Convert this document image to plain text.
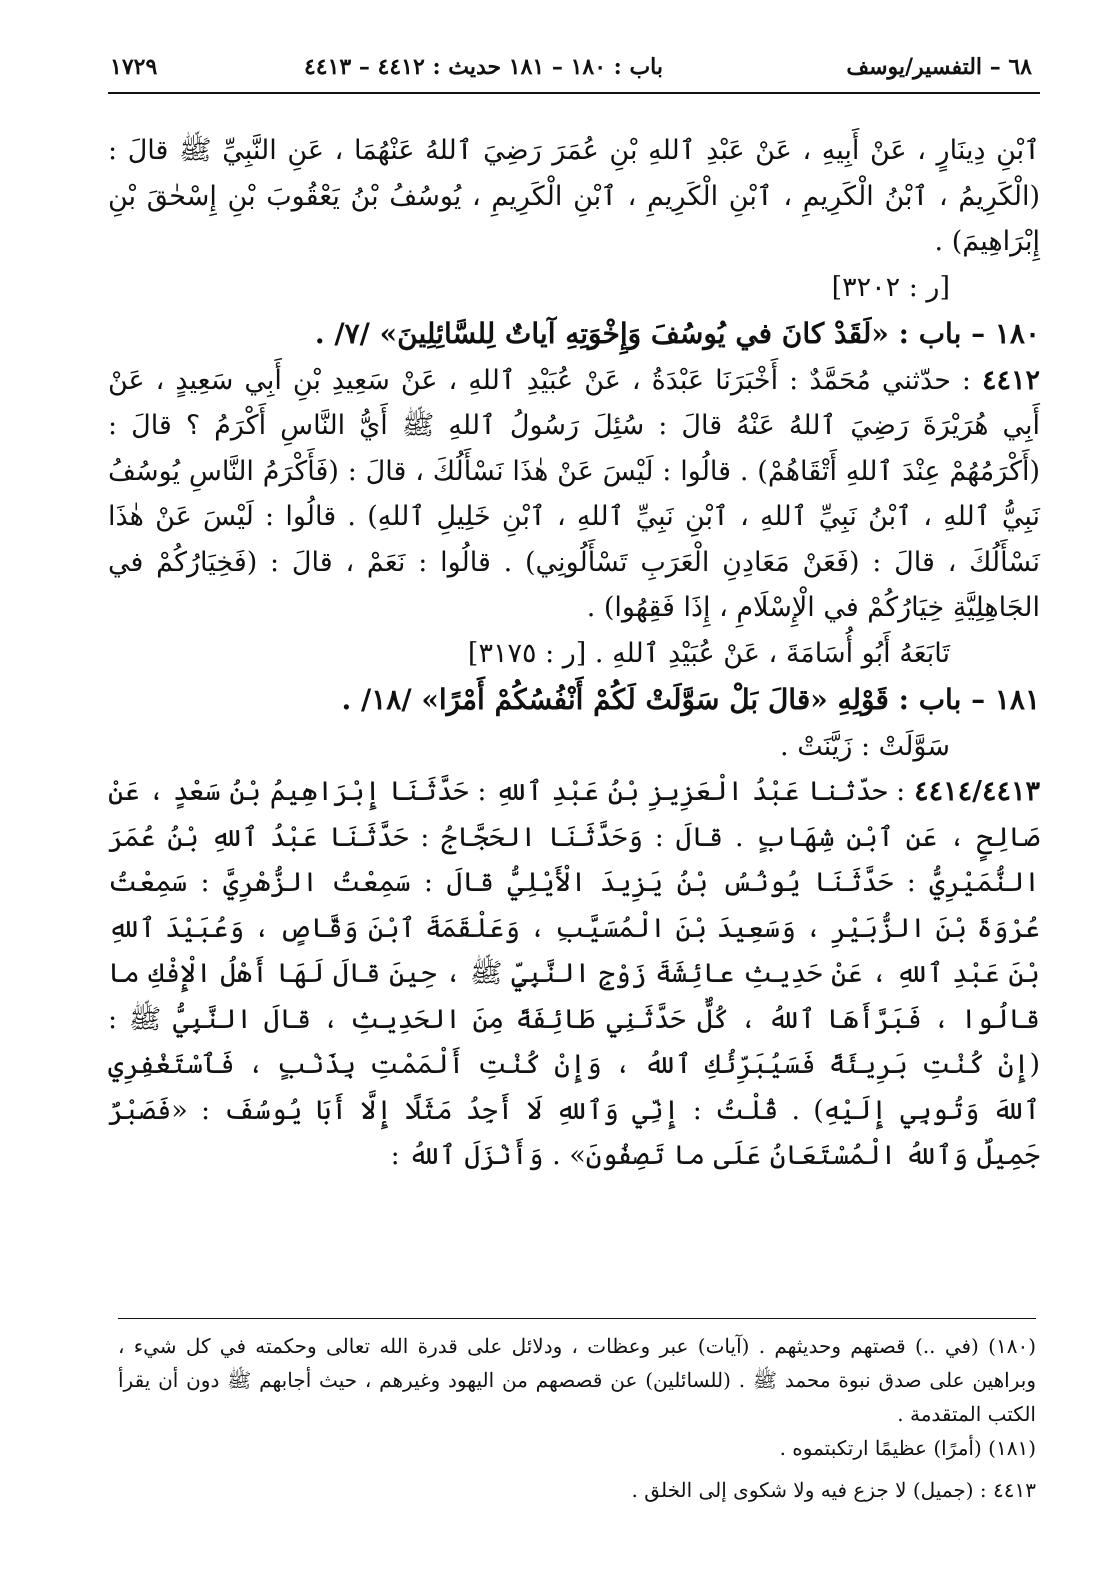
٦٨ – التفسير/يوسف
باب : ١٨٠ – ١٨١ حديث : ٤٤١٢ – ٤٤١٣
١٧٢٩

ٱبْنِ دِينَارٍ ، عَنْ أَبِيهِ ، عَنْ عَبْدِ ٱللهِ بْنِ عُمَرَ رَضِيَ ٱللهُ عَنْهُمَا ، عَنِ النَّبِيِّ ﷺ قالَ : (الْكَرِيمُ ، ٱبْنُ الْكَرِيمِ ، ٱبْنِ الْكَرِيمِ ، ٱبْنِ الْكَرِيمِ ، يُوسُفُ بْنُ يَعْقُوبَ بْنِ إِسْحٰقَ بْنِ إِبْرَاهِيمَ) .

[ر : ٣٢٠٢]

١٨٠ – باب : «لَقَدْ كانَ في يُوسُفَ وَإِخْوَتِهِ آياتٌ لِلسَّائِلِينَ» /٧/ .

٤٤١٢ : حدّثني مُحَمَّدٌ : أَخْبَرَنَا عَبْدَةُ ، عَنْ عُبَيْدِ ٱللهِ ، عَنْ سَعِيدِ بْنِ أَبِي سَعِيدٍ ، عَنْ أَبِي هُرَيْرَةَ رَضِيَ ٱللهُ عَنْهُ قالَ : سُئِلَ رَسُولُ ٱللهِ ﷺ أَيُّ النَّاسِ أَكْرَمُ ؟ قالَ : (أَكْرَمُهُمْ عِنْدَ ٱللهِ أَتْقَاهُمْ) . قالُوا : لَيْسَ عَنْ هٰذَا نَسْأَلُكَ ، قالَ : (فَأَكْرَمُ النَّاسِ يُوسُفُ نَبِيُّ ٱللهِ ، ٱبْنُ نَبِيِّ ٱللهِ ، ٱبْنِ نَبِيِّ ٱللهِ ، ٱبْنِ خَلِيلِ ٱللهِ) . قالُوا : لَيْسَ عَنْ هٰذَا نَسْأَلُكَ ، قالَ : (فَعَنْ مَعَادِنِ الْعَرَبِ تَسْأَلُونِي) . قالُوا : نَعَمْ ، قالَ : (فَخِيَارُكُمْ في الجَاهِلِيَّةِ خِيَارُكُمْ في الْإِسْلَامِ ، إِذَا فَقِهُوا) .

تَابَعَهُ أَبُو أُسَامَةَ ، عَنْ عُبَيْدِ ٱللهِ . [ر : ٣١٧٥]

١٨١ – باب : قَوْلِهِ «قالَ بَلْ سَوَّلَتْ لَكُمْ أَنْفُسُكُمْ أَمْرًا» /١٨/ .

سَوَّلَتْ : زَيَّنَتْ .

٤٤١٤/٤٤١٣ : حدّثنا عَبْدُ الْعَزِيزِ بْنُ عَبْدِ ٱللهِ : حَدَّثَنَا إِبْرَاهِيمُ بْنُ سَعْدٍ ، عَنْ صَالِحٍ ، عَنِ ٱبْنِ شِهَابٍ . قالَ : وَحَدَّثَنَا الحَجَّاجُ : حَدَّثَنَا عَبْدُ ٱللهِ بْنُ عُمَرَ النُّمَيْرِيُّ : حَدَّثَنَا يُونُسُ بْنُ يَزِيدَ الْأَيْلِيُّ قالَ : سَمِعْتُ الزُّهْرِيَّ : سَمِعْتُ عُرْوَةَ بْنَ الزُّبَيْرِ ، وَسَعِيدَ بْنَ الْمُسَيَّبِ ، وَعَلْقَمَةَ ٱبْنَ وَقَّاصٍ ، وَعُبَيْدَ ٱللهِ بْنَ عَبْدِ ٱللهِ ، عَنْ حَدِيثِ عائِشَةَ زَوْجِ النَّبِيِّ ﷺ ، حِينَ قالَ لَهَا أَهْلُ الْإِفْكِ ما قالُوا ، فَبَرَّأَهَا ٱللهُ ، كُلٌّ حَدَّثَنِي طَائِفَةً مِنَ الحَدِيثِ ، قالَ النَّبِيُّ ﷺ : (إِنْ كُنْتِ بَرِيئَةً فَسَيُبَرِّئُكِ ٱللهُ ، وَإِنْ كُنْتِ أَلْمَمْتِ بِذَنْبٍ ، فَٱسْتَغْفِرِي ٱللهَ وَتُوبِي إِلَيْهِ) . قُلْتُ : إِنِّي وَٱللهِ لَا أَجِدُ مَثَلًا إِلَّا أَبَا يُوسُفَ : «فَصَبْرٌ جَمِيلٌ وَٱللهُ الْمُسْتَعَانُ عَلَى ما تَصِفُونَ» . وَأَنْزَلَ ٱللهُ :

(١٨٠) (في ..) قصتهم وحديثهم . (آيات) عبر وعظات ، ودلائل على قدرة الله تعالى وحكمته في كل شيء ، وبراهين على صدق نبوة محمد ﷺ . (للسائلين) عن قصصهم من اليهود وغيرهم ، حيث أجابهم ﷺ دون أن يقرأ الكتب المتقدمة .

(١٨١) (أمرًا) عظيمًا ارتكبتموه .

٤٤١٣ : (جميل) لا جزع فيه ولا شكوى إلى الخلق .
